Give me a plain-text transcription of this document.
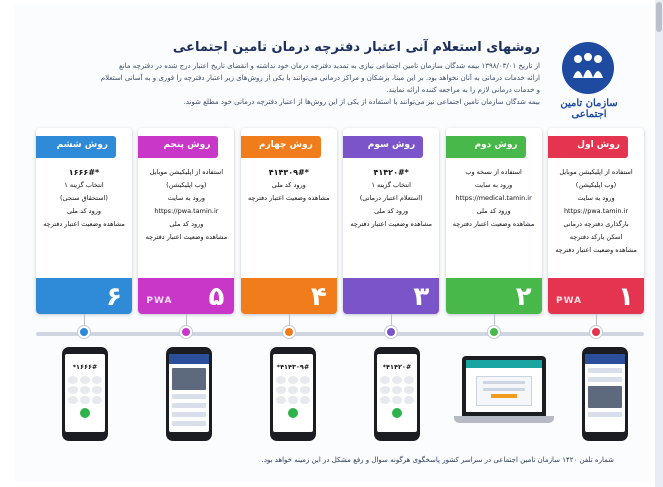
سازمان تامین اجتماعی
روشهای استعلام آنی اعتبار دفترچه درمان تامین اجتماعی

از تاریخ ۱۳۹۸/۰۳/۰۱ بیمه شدگان سازمان تامین اجتماعی نیازی به تمدید دفترچه درمان خود نداشته و انقضای تاریخ اعتبار درج شده در دفترچه مانع

ارائه خدمات درمانی به آنان نخواهد بود. بر این مبنا، پزشکان و مراکز درمانی می‌توانند با یکی از روش‌های زیر اعتبار دفترچه را فوری و به آسانی استعلام

و خدمات درمانی لازم را به مراجعه کننده ارائه نمایند.

بیمه شدگان سازمان تامین اجتماعی نیز می‌توانند با استفاده از یکی از این روش‌ها از اعتبار دفترچه درمانی خود مطلع شوند.

روش اول
استفاده از اپلیکیشن موبایل
(وب اپلیکیشن)
ورود به سایت
https://pwa.tamin.ir
بارگذاری دفترچه درمانی
اسکن بارکد دفترچه
مشاهده وضعیت اعتبار دفترچه
۱
PWA
روش دوم
استفاده از نسخه وب
ورود به سایت
https://medical.tamin.ir
ورود کد ملی
مشاهده وضعیت اعتبار دفترچه
۲
روش سوم
*۴۱۴۲۰#
انتخاب گزینه ۱
(استعلام اعتبار درمانی)
ورود کد ملی
مشاهده وضعیت اعتبار دفترچه
۳
روش چهارم
*۴۱۴۳۰۹#
ورود کد ملی
مشاهده وضعیت اعتبار دفترچه
۴
روش پنجم
استفاده از اپلیکیشن موبایل
(وب اپلیکیشن)
ورود به سایت
https://pwa.tamin.ir
ورود کد ملی
مشاهده وضعیت اعتبار دفترچه
۵
PWA
روش ششم
*۱۶۶۶#
انتخاب گزینه ۱
(استحقاق سنجی)
ورود کد ملی
مشاهده وضعیت اعتبار دفترچه
۶
*۱۶۶۶#	*۴۱۴۳۰۹#	*۴۱۴۲۰#
شماره تلفن ۱۴۲۰ سازمان تامین اجتماعی در سراسر کشور پاسخگوی هرگونه سوال و رفع مشکل در این زمینه خواهد بود.
